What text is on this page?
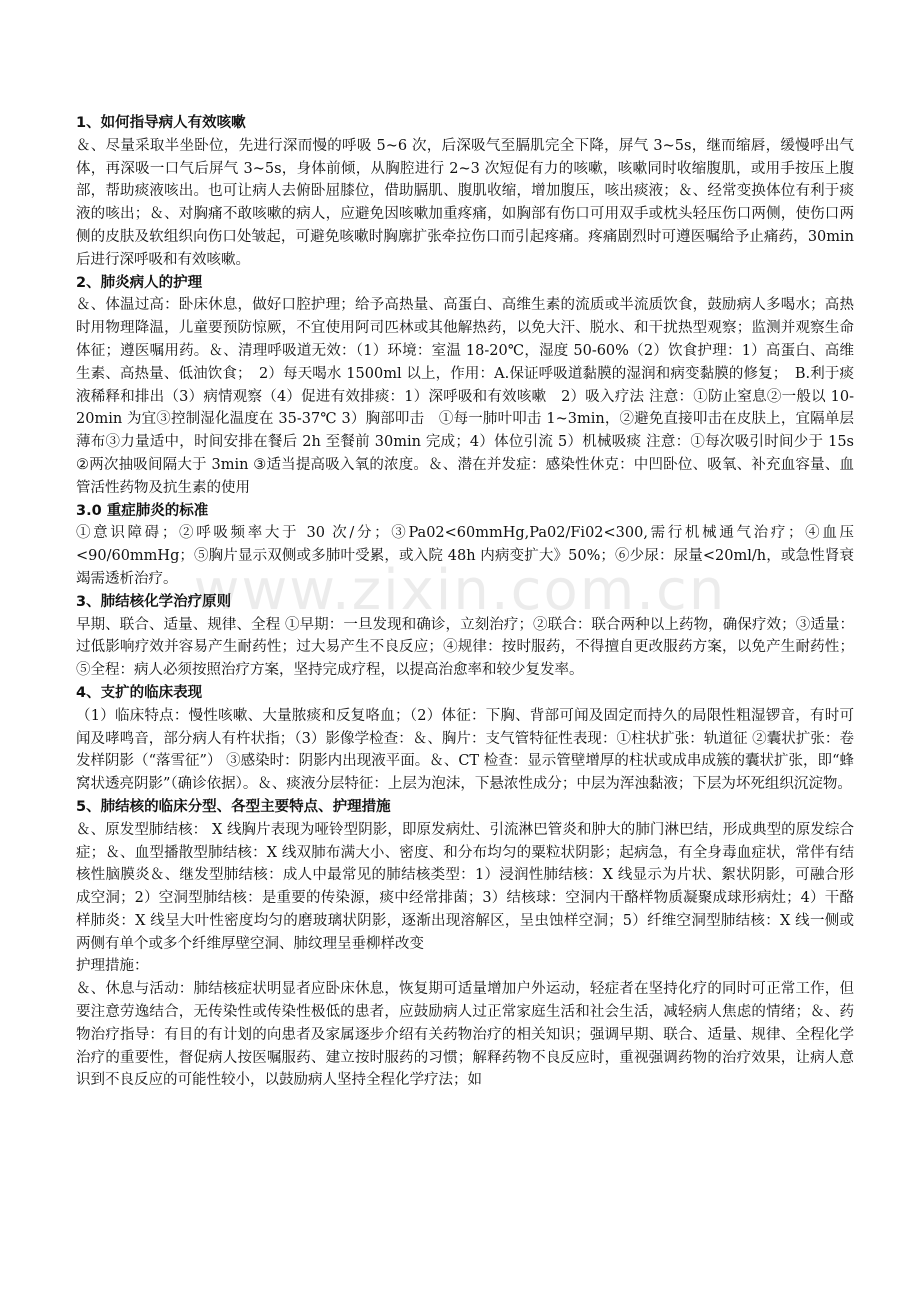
www.zixin.com.cn

1、如何指导病人有效咳嗽

＆、尽量采取半坐卧位，先进行深而慢的呼吸 5~6 次，后深吸气至膈肌完全下降，屏气 3~5s，继而缩唇，缓慢呼出气体，再深吸一口气后屏气 3~5s，身体前倾，从胸腔进行 2~3 次短促有力的咳嗽，咳嗽同时收缩腹肌，或用手按压上腹部，帮助痰液咳出。也可让病人去俯卧屈膝位，借助膈肌、腹肌收缩，增加腹压，咳出痰液；＆、经常变换体位有利于痰液的咳出；＆、对胸痛不敢咳嗽的病人，应避免因咳嗽加重疼痛，如胸部有伤口可用双手或枕头轻压伤口两侧，使伤口两侧的皮肤及软组织向伤口处皱起，可避免咳嗽时胸廓扩张牵拉伤口而引起疼痛。疼痛剧烈时可遵医嘱给予止痛药，30min 后进行深呼吸和有效咳嗽。

2、肺炎病人的护理

＆、体温过高：卧床休息，做好口腔护理；给予高热量、高蛋白、高维生素的流质或半流质饮食，鼓励病人多喝水；高热时用物理降温，儿童要预防惊厥，不宜使用阿司匹林或其他解热药，以免大汗、脱水、和干扰热型观察；监测并观察生命体征；遵医嘱用药。＆、清理呼吸道无效：（1）环境：室温 18-20℃，湿度 50-60%（2）饮食护理：1）高蛋白、高维生素、高热量、低油饮食；　2）每天喝水 1500ml 以上，作用：A.保证呼吸道黏膜的湿润和病变黏膜的修复；　B.利于痰液稀释和排出（3）病情观察（4）促进有效排痰：1）深呼吸和有效咳嗽　2）吸入疗法 注意：①防止窒息②一般以 10-20min 为宜③控制湿化温度在 35-37℃ 3）胸部叩击　①每一肺叶叩击 1~3min，②避免直接叩击在皮肤上，宜隔单层薄布③力量适中，时间安排在餐后 2h 至餐前 30min 完成；4）体位引流 5）机械吸痰 注意：①每次吸引时间少于 15s ②两次抽吸间隔大于 3min ③适当提高吸入氧的浓度。＆、潜在并发症：感染性休克：中凹卧位、吸氧、补充血容量、血管活性药物及抗生素的使用

3.0 重症肺炎的标准

①意识障碍；②呼吸频率大于 30 次/分；③Pa02<60mmHg,Pa02/Fi02<300,需行机械通气治疗；④血压<90/60mmHg；⑤胸片显示双侧或多肺叶受累，或入院 48h 内病变扩大》50%；⑥少尿：尿量<20ml/h，或急性肾衰竭需透析治疗。

3、肺结核化学治疗原则

早期、联合、适量、规律、全程 ①早期：一旦发现和确诊，立刻治疗；②联合：联合两种以上药物，确保疗效；③适量：过低影响疗效并容易产生耐药性；过大易产生不良反应；④规律：按时服药，不得擅自更改服药方案，以免产生耐药性；⑤全程：病人必须按照治疗方案，坚持完成疗程，以提高治愈率和较少复发率。

4、支扩的临床表现

（1）临床特点：慢性咳嗽、大量脓痰和反复咯血；（2）体征：下胸、背部可闻及固定而持久的局限性粗湿锣音，有时可闻及哮鸣音，部分病人有杵状指；（3）影像学检查：＆、胸片：支气管特征性表现：①柱状扩张：轨道征 ②囊状扩张：卷发样阴影（“落雪征”） ③感染时：阴影内出现液平面。＆、CT 检查：显示管壁增厚的柱状或成串成簇的囊状扩张，即“蜂窝状透亮阴影”（确诊依据）。＆、痰液分层特征：上层为泡沫，下悬浓性成分；中层为浑浊黏液；下层为坏死组织沉淀物。

5、肺结核的临床分型、各型主要特点、护理措施

＆、原发型肺结核： X 线胸片表现为哑铃型阴影，即原发病灶、引流淋巴管炎和肿大的肺门淋巴结，形成典型的原发综合症；＆、血型播散型肺结核：X 线双肺布满大小、密度、和分布均匀的粟粒状阴影；起病急，有全身毒血症状，常伴有结核性脑膜炎＆、继发型肺结核：成人中最常见的肺结核类型：1）浸润性肺结核：X 线显示为片状、絮状阴影，可融合形成空洞；2）空洞型肺结核：是重要的传染源，痰中经常排菌；3）结核球：空洞内干酪样物质凝聚成球形病灶；4）干酪样肺炎：X 线呈大叶性密度均匀的磨玻璃状阴影，逐渐出现溶解区，呈虫蚀样空洞；5）纤维空洞型肺结核：X 线一侧或两侧有单个或多个纤维厚壁空洞、肺纹理呈垂柳样改变

护理措施：

＆、休息与活动：肺结核症状明显者应卧床休息，恢复期可适量增加户外运动，轻症者在坚持化疗的同时可正常工作，但要注意劳逸结合，无传染性或传染性极低的患者，应鼓励病人过正常家庭生活和社会生活，减轻病人焦虑的情绪；＆、药物治疗指导：有目的有计划的向患者及家属逐步介绍有关药物治疗的相关知识；强调早期、联合、适量、规律、全程化学治疗的重要性，督促病人按医嘱服药、建立按时服药的习惯；解释药物不良反应时，重视强调药物的治疗效果，让病人意识到不良反应的可能性较小，以鼓励病人坚持全程化学疗法；如
